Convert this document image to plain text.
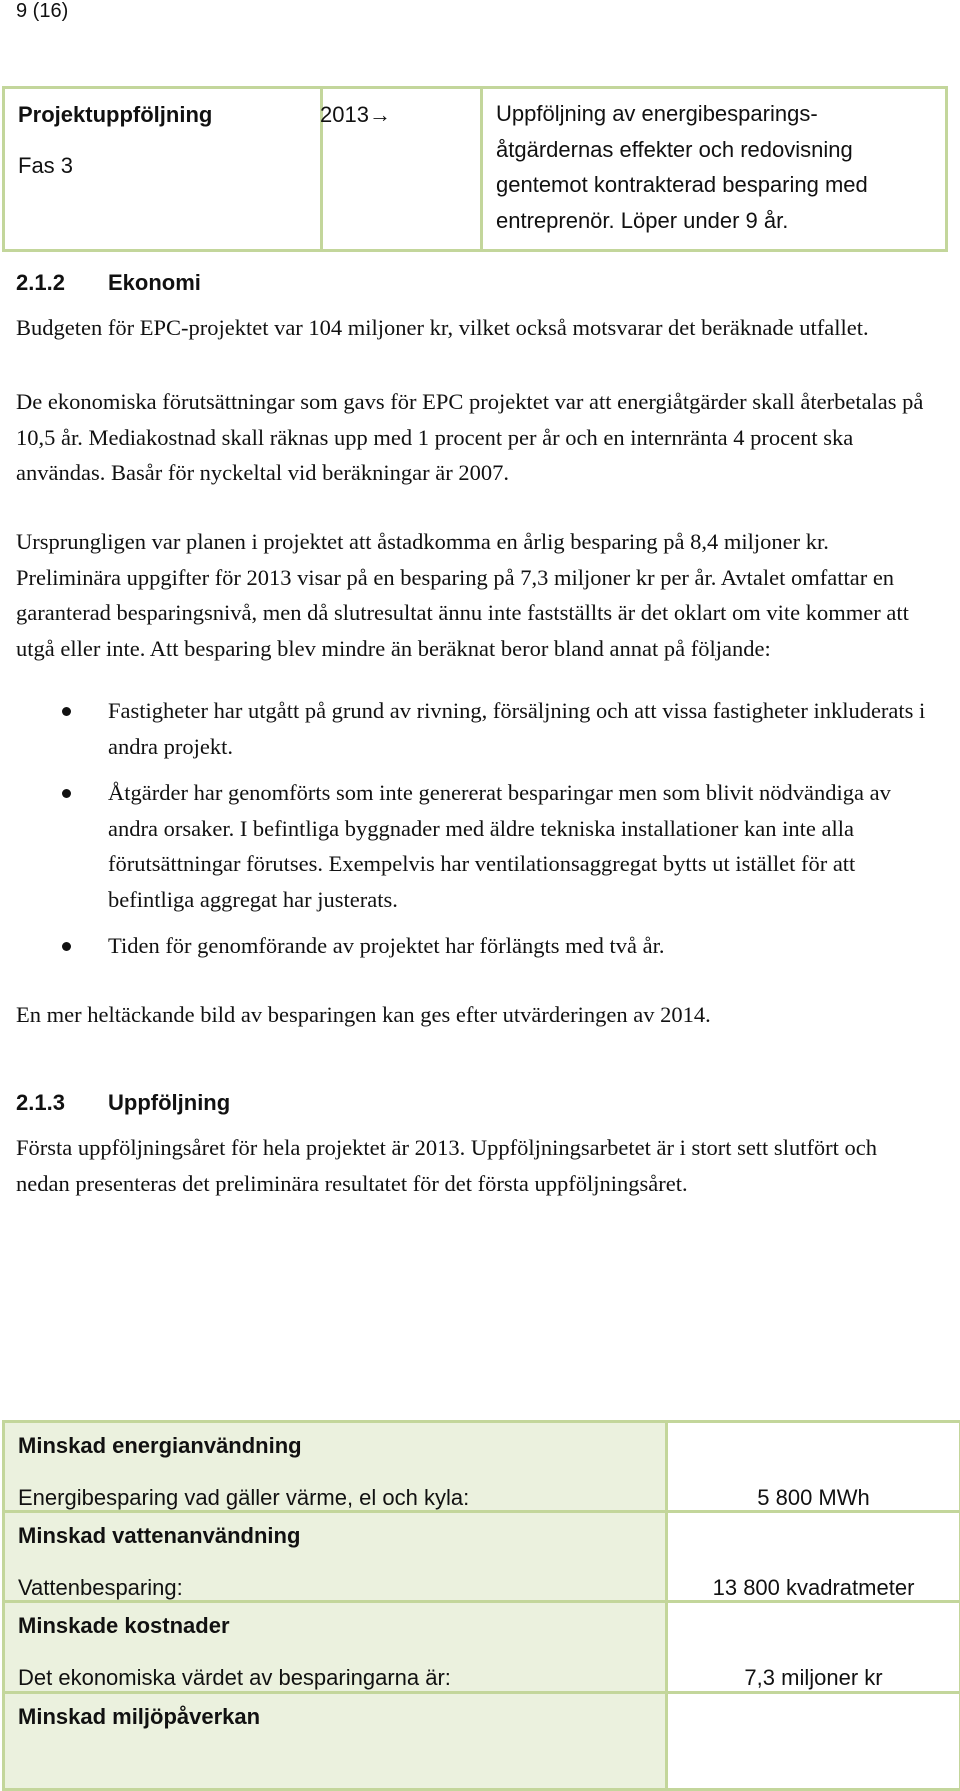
9 (16)
Projektuppföljning
Fas 3
2013→	Uppföljning av energibesparings-åtgärdernas effekter och redovisning gentemot kontrakterad besparing med entreprenör. Löper under 9 år.
2.1.2 Ekonomi

Budgeten för EPC-projektet var 104 miljoner kr, vilket också motsvarar det beräknade utfallet.

De ekonomiska förutsättningar som gavs för EPC projektet var att energiåtgärder skall återbetalas på 10,5 år. Mediakostnad skall räknas upp med 1 procent per år och en internränta 4 procent ska användas. Basår för nyckeltal vid beräkningar är 2007.

Ursprungligen var planen i projektet att åstadkomma en årlig besparing på 8,4 miljoner kr. Preliminära uppgifter för 2013 visar på en besparing på 7,3 miljoner kr per år. Avtalet omfattar en garanterad besparingsnivå, men då slutresultat ännu inte fastställts är det oklart om vite kommer att utgå eller inte. Att besparing blev mindre än beräknat beror bland annat på följande:

Fastigheter har utgått på grund av rivning, försäljning och att vissa fastigheter inkluderats i andra projekt.
Åtgärder har genomförts som inte genererat besparingar men som blivit nödvändiga av andra orsaker. I befintliga byggnader med äldre tekniska installationer kan inte alla förutsättningar förutses. Exempelvis har ventilationsaggregat bytts ut istället för att befintliga aggregat har justerats.
Tiden för genomförande av projektet har förlängts med två år.

En mer heltäckande bild av besparingen kan ges efter utvärderingen av 2014.

2.1.3 Uppföljning

Första uppföljningsåret för hela projektet är 2013. Uppföljningsarbetet är i stort sett slutfört och nedan presenteras det preliminära resultatet för det första uppföljningsåret.

Minskad energianvändning
Energibesparing vad gäller värme, el och kyla:	5 800 MWh
Minskad vattenanvändning
Vattenbesparing:	13 800 kvadratmeter
Minskade kostnader
Det ekonomiska värdet av besparingarna är:	7,3 miljoner kr
Minskad miljöpåverkan
